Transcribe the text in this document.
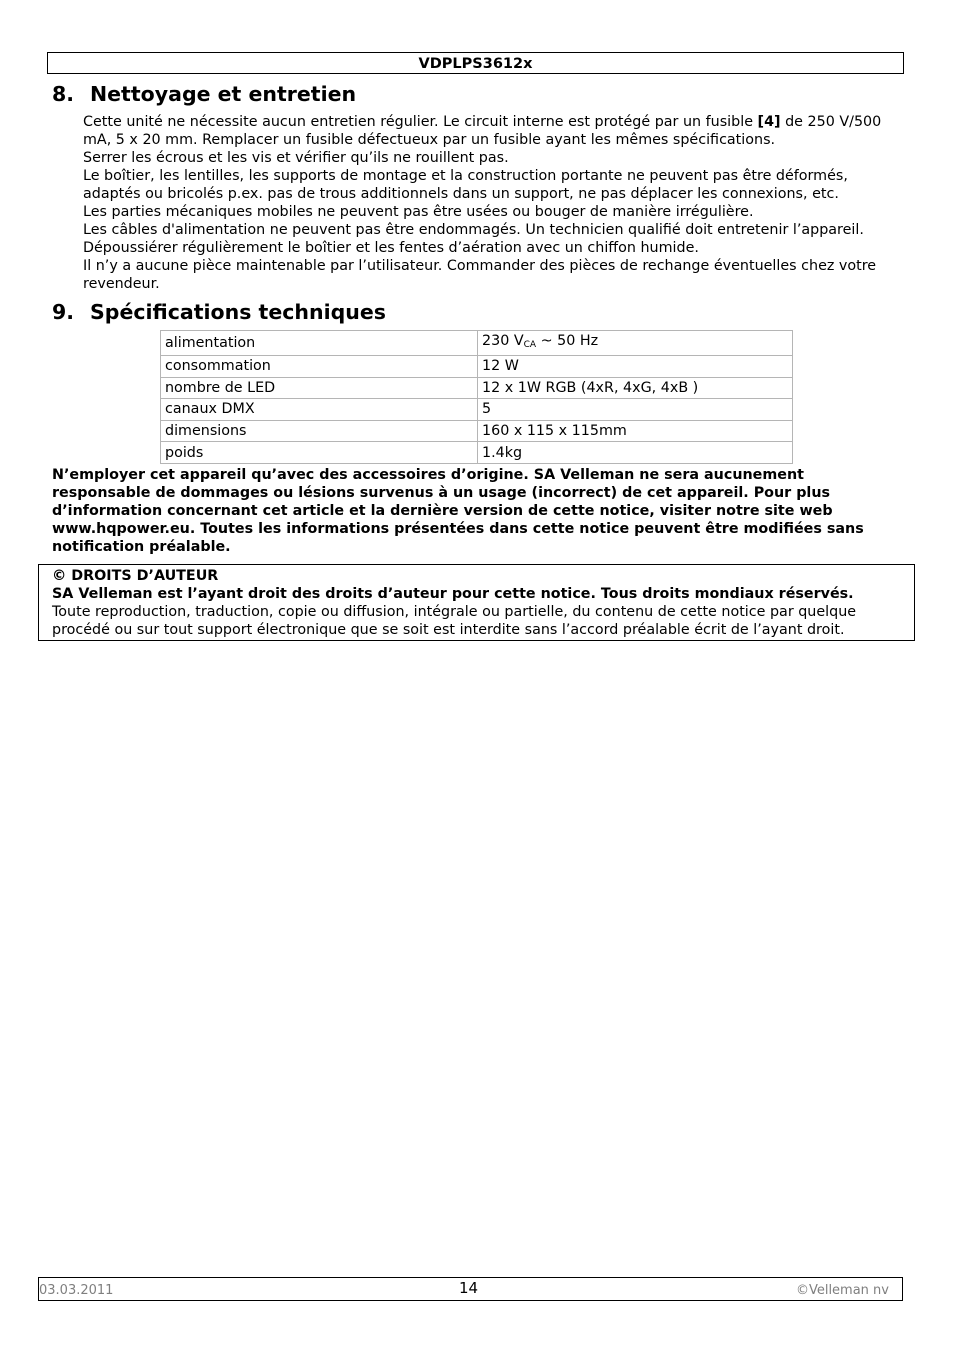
VDPLPS3612x
8. Nettoyage et entretien

Cette unité ne nécessite aucun entretien régulier. Le circuit interne est protégé par un fusible [4] de 250 V/500 mA, 5 x 20 mm. Remplacer un fusible défectueux par un fusible ayant les mêmes spécifications.

Serrer les écrous et les vis et vérifier qu’ils ne rouillent pas.

Le boîtier, les lentilles, les supports de montage et la construction portante ne peuvent pas être déformés, adaptés ou bricolés p.ex. pas de trous additionnels dans un support, ne pas déplacer les connexions, etc.

Les parties mécaniques mobiles ne peuvent pas être usées ou bouger de manière irrégulière.

Les câbles d'alimentation ne peuvent pas être endommagés. Un technicien qualifié doit entretenir l’appareil.

Dépoussiérer régulièrement le boîtier et les fentes d’aération avec un chiffon humide.

Il n’y a aucune pièce maintenable par l’utilisateur. Commander des pièces de rechange éventuelles chez votre revendeur.

9. Spécifications techniques
alimentation	230 $V_{CA}$ ~ 50 Hz
consommation	12 W
nombre de LED	12 x 1W RGB (4xR, 4xG, 4xB )
canaux DMX	5
dimensions	160 x 115 x 115mm
poids	1.4kg
N’employer cet appareil qu’avec des accessoires d’origine. SA Velleman ne sera aucunement responsable de dommages ou lésions survenus à un usage (incorrect) de cet appareil. Pour plus d’information concernant cet article et la dernière version de cette notice, visiter notre site web www.hqpower.eu. Toutes les informations présentées dans cette notice peuvent être modifiées sans notification préalable.
© DROITS D’AUTEUR
SA Velleman est l’ayant droit des droits d’auteur pour cette notice. Tous droits mondiaux réservés.
Toute reproduction, traduction, copie ou diffusion, intégrale ou partielle, du contenu de cette notice par quelque procédé ou sur tout support électronique que se soit est interdite sans l’accord préalable écrit de l’ayant droit.
03.03.2011	14	©Velleman nv
